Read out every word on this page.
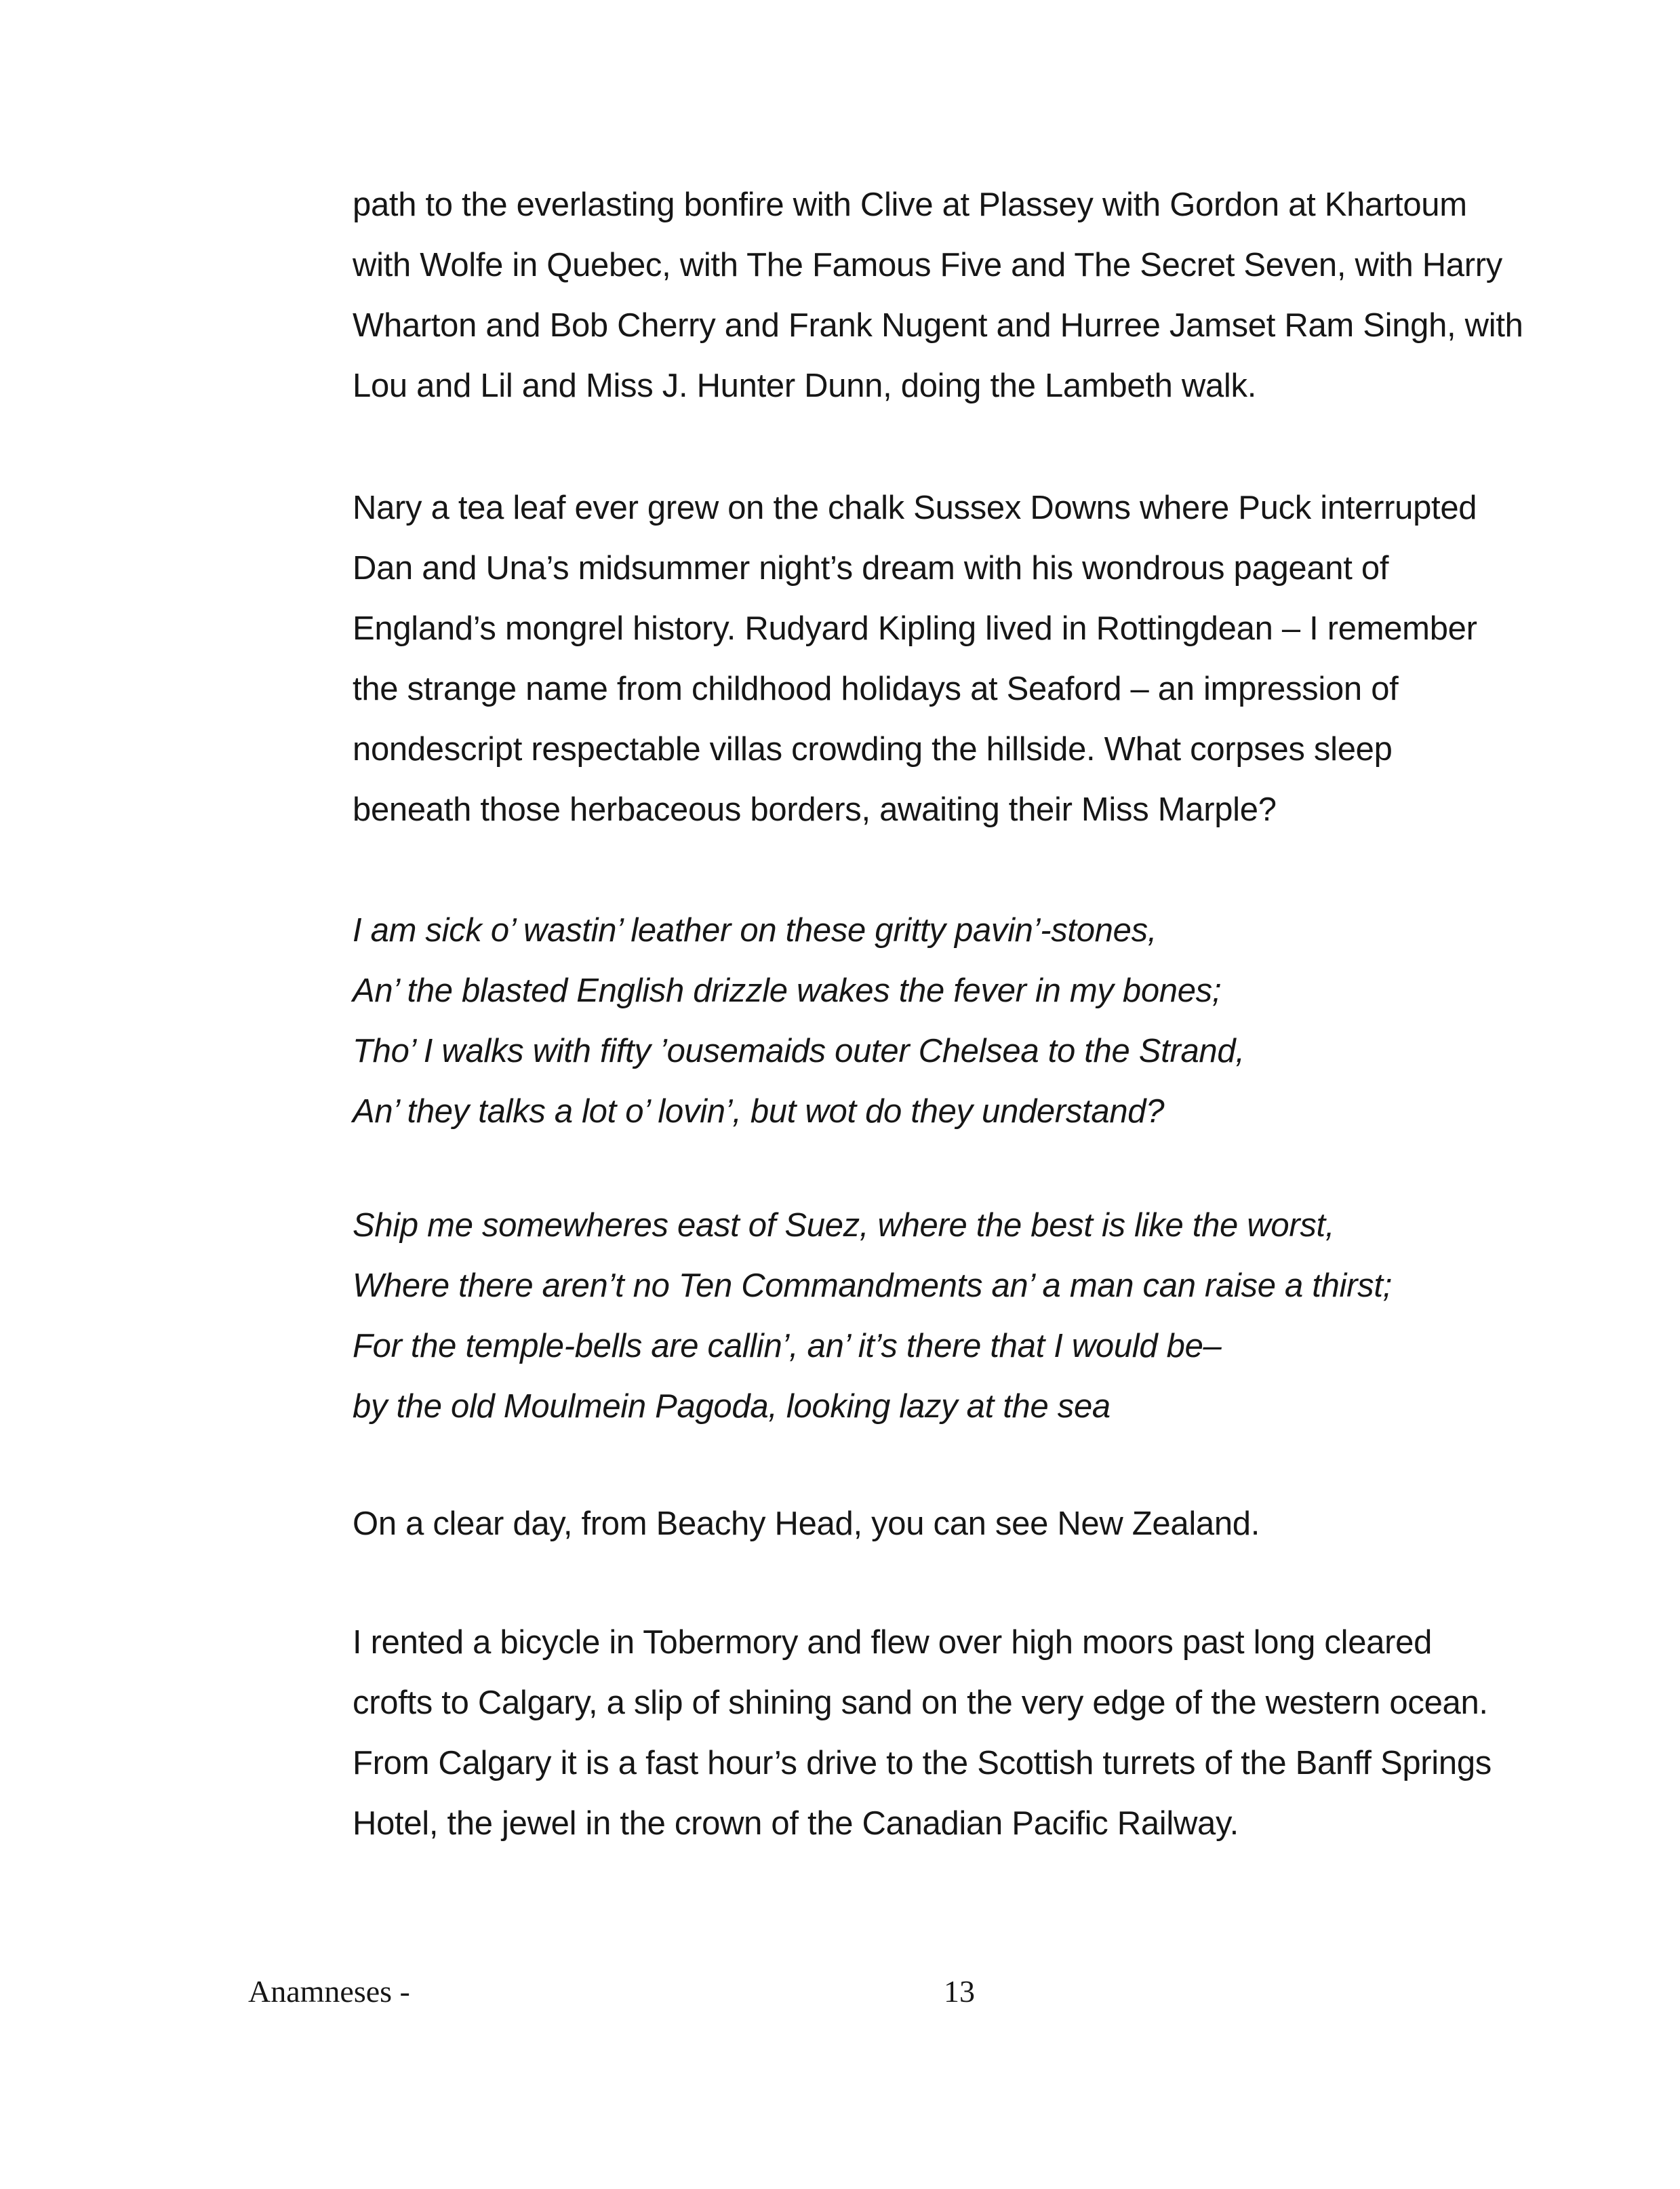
path to the everlasting bonfire with Clive at Plassey with Gordon at Khartoum
with Wolfe in Quebec, with The Famous Five and The Secret Seven, with Harry
Wharton and Bob Cherry and Frank Nugent and Hurree Jamset Ram Singh, with
Lou and Lil and Miss J. Hunter Dunn, doing the Lambeth walk.
Nary a tea leaf ever grew on the chalk Sussex Downs where Puck interrupted
Dan and Una’s midsummer night’s dream with his wondrous pageant of
England’s mongrel history. Rudyard Kipling lived in Rottingdean – I remember
the strange name from childhood holidays at Seaford – an impression of
nondescript respectable villas crowding the hillside. What corpses sleep
beneath those herbaceous borders, awaiting their Miss Marple?
I am sick o’ wastin’ leather on these gritty pavin’-stones,
An’ the blasted English drizzle wakes the fever in my bones;
Tho’ I walks with fifty ’ousemaids outer Chelsea to the Strand,
An’ they talks a lot o’ lovin’, but wot do they understand?
Ship me somewheres east of Suez, where the best is like the worst,
Where there aren’t no Ten Commandments an’ a man can raise a thirst;
For the temple-bells are callin’, an’ it’s there that I would be–
by the old Moulmein Pagoda, looking lazy at the sea
On a clear day, from Beachy Head, you can see New Zealand.
I rented a bicycle in Tobermory and flew over high moors past long cleared
crofts to Calgary, a slip of shining sand on the very edge of the western ocean.
From Calgary it is a fast hour’s drive to the Scottish turrets of the Banff Springs
Hotel, the jewel in the crown of the Canadian Pacific Railway.
Anamneses -	13
